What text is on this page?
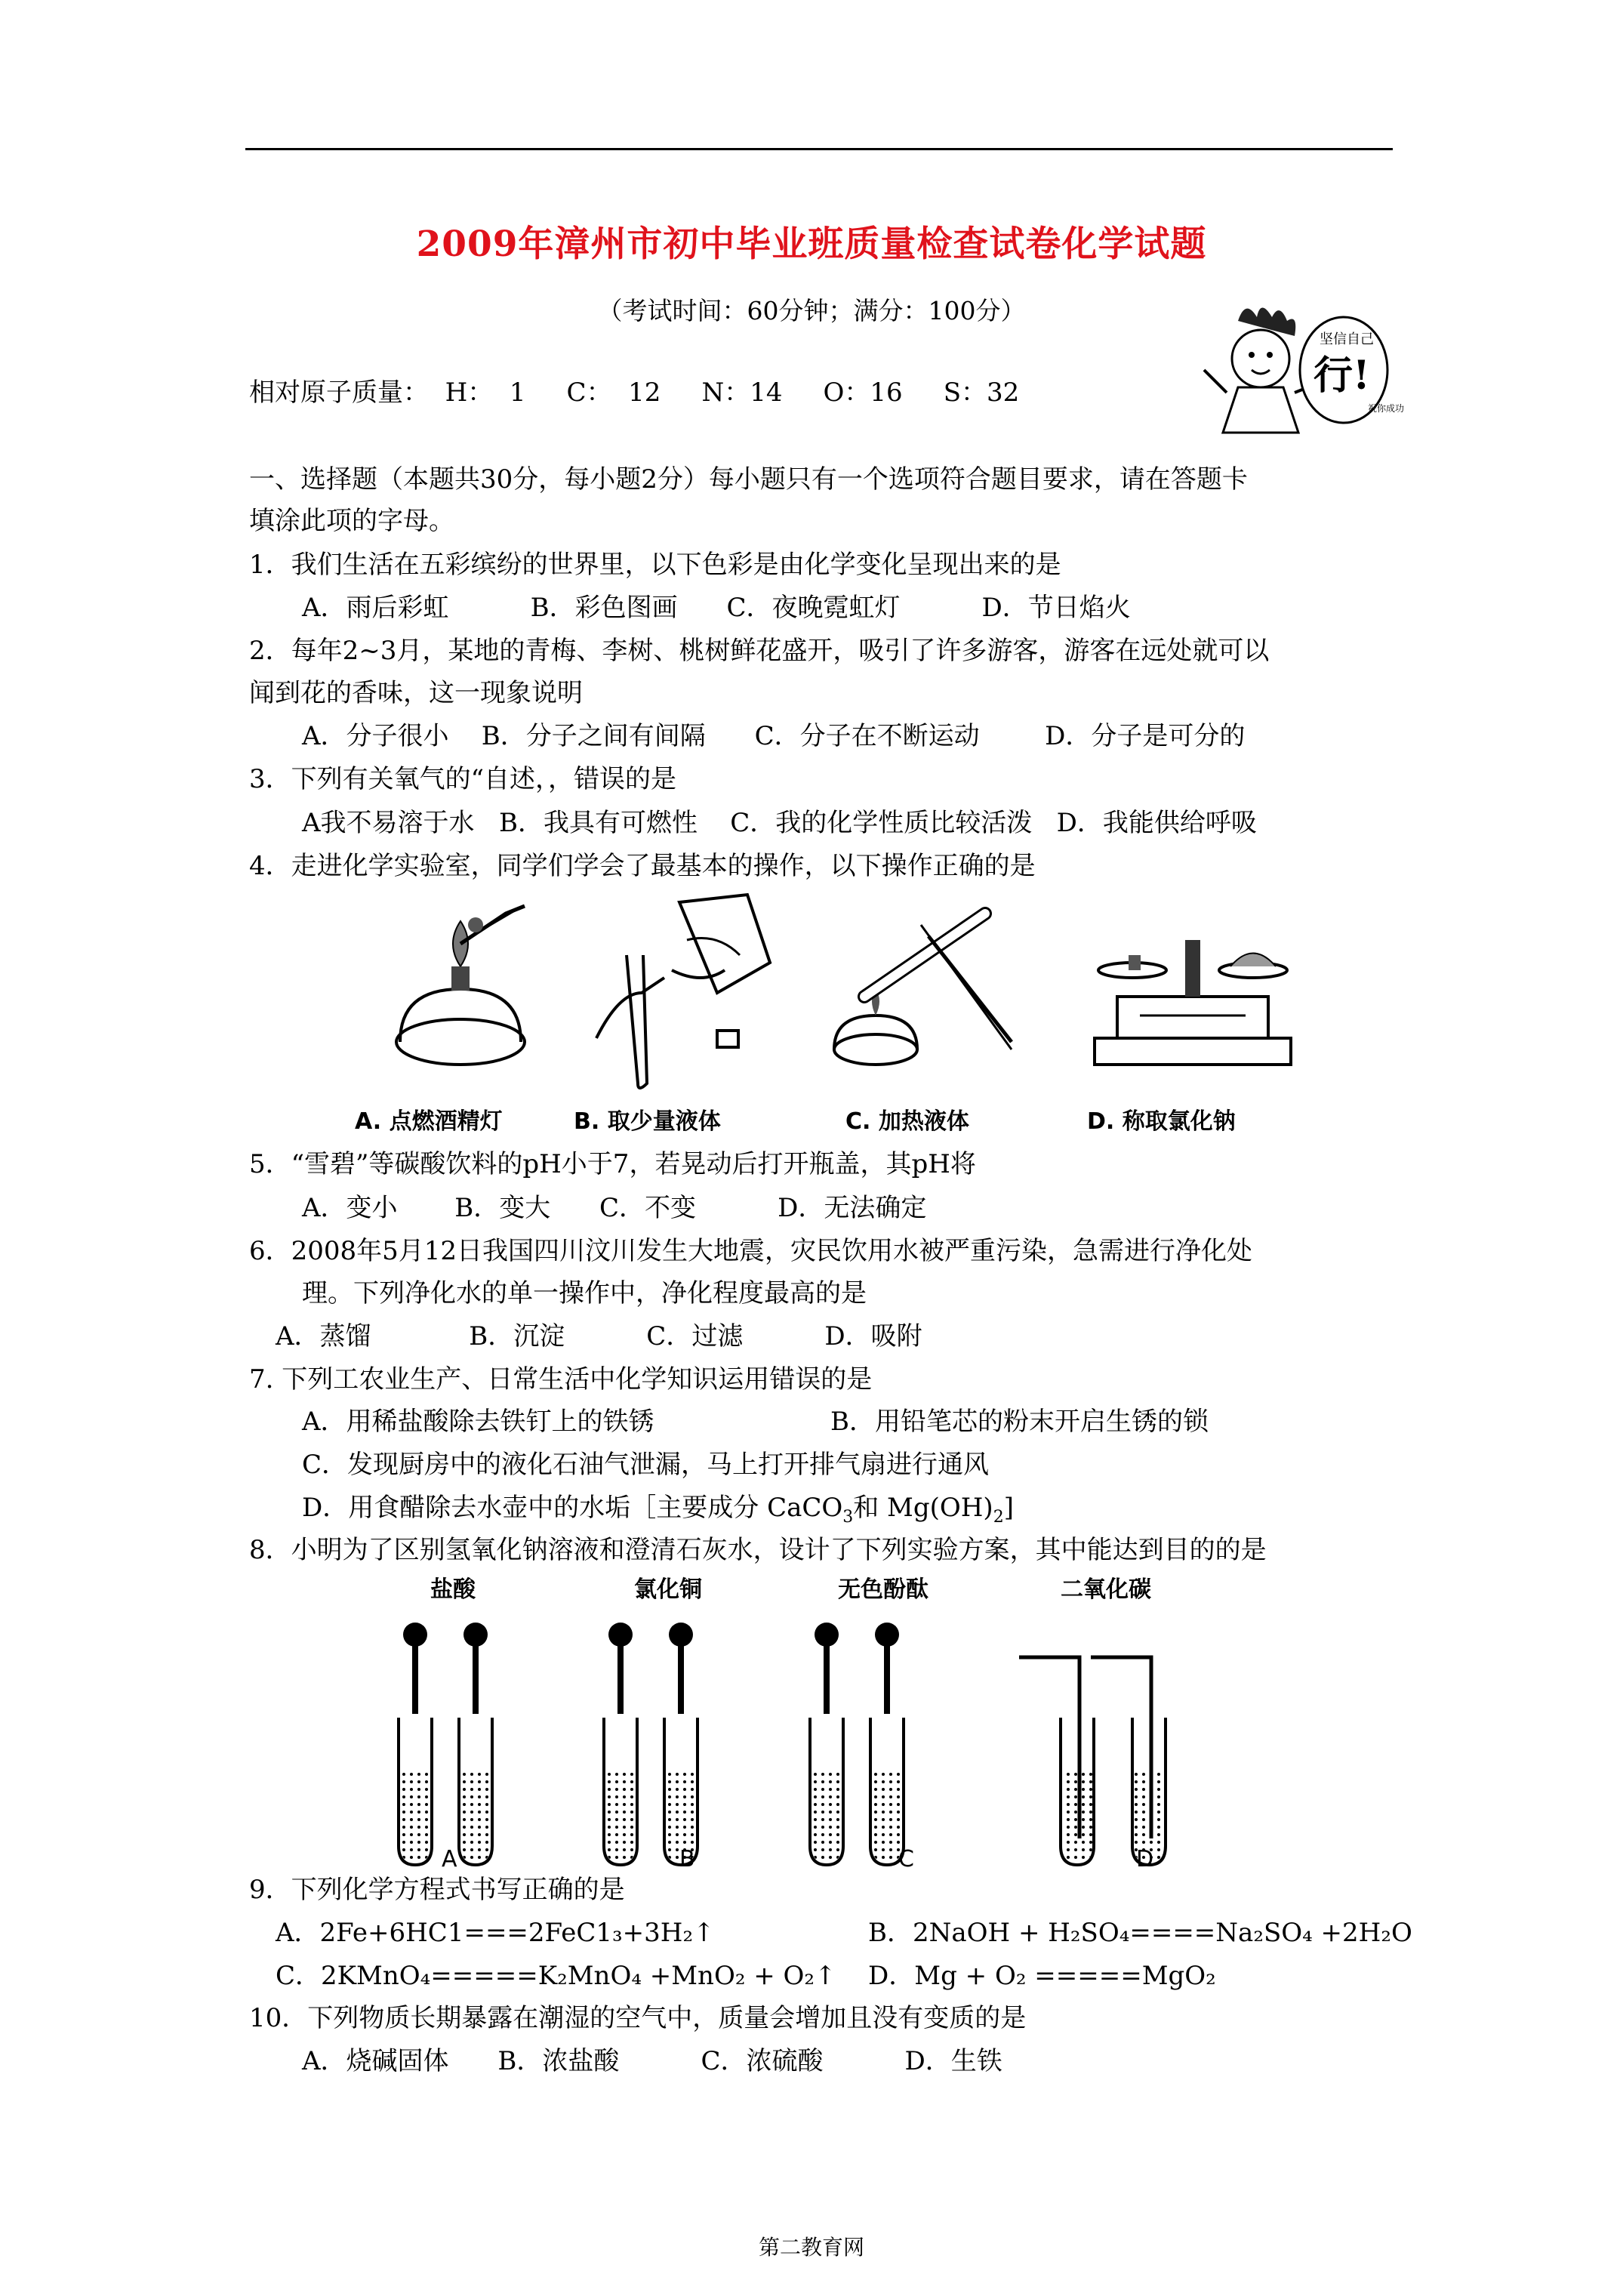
2009年漳州市初中毕业班质量检查试卷化学试题
（考试时间：60分钟；满分：100分）
相对原子质量：  H：  1     C：  12     N：14     O：16     S：32
坚信自己
行!
祝你成功
一、选择题（本题共30分，每小题2分）每小题只有一个选项符合题目要求，请在答题卡
填涂此项的字母。
1．我们生活在五彩缤纷的世界里，以下色彩是由化学变化呈现出来的是
A．雨后彩虹          B．彩色图画      C．夜晚霓虹灯          D．节日焰火
2．每年2~3月，某地的青梅、李树、桃树鲜花盛开，吸引了许多游客，游客在远处就可以
闻到花的香味，这一现象说明
A．分子很小    B．分子之间有间隔      C．分子在不断运动        D．分子是可分的
3．下列有关氧气的“自述，，错误的是
A我不易溶于水   B．我具有可燃性    C．我的化学性质比较活泼   D．我能供给呼吸
4．走进化学实验室，同学们学会了最基本的操作，以下操作正确的是
A. 点燃酒精灯	B. 取少量液体	C. 加热液体	D. 称取氯化钠
5．“雪碧”等碳酸饮料的pH小于7，若晃动后打开瓶盖，其pH将
A．变小       B．变大      C．不变          D．无法确定
6．2008年5月12日我国四川汶川发生大地震，灾民饮用水被严重污染，急需进行净化处
理。下列净化水的单一操作中，净化程度最高的是
A．蒸馏            B．沉淀          C．过滤          D．吸附
7. 下列工农业生产、日常生活中化学知识运用错误的是
A．用稀盐酸除去铁钉上的铁锈	B．用铅笔芯的粉末开启生锈的锁
C．发现厨房中的液化石油气泄漏，马上打开排气扇进行通风
D．用食醋除去水壶中的水垢［主要成分 CaCO$_3$和 $Mg(OH)_2$]
8．小明为了区别氢氧化钠溶液和澄清石灰水，设计了下列实验方案，其中能达到目的的是
盐酸	氯化铜	无色酚酞	二氧化碳
A	B	C	D
9．下列化学方程式书写正确的是
A．2Fe+6HC1===2FeC1₃+3H₂↑	B．2NaOH + H₂SO₄====Na₂SO₄ +2H₂O
C．2KMnO₄=====K₂MnO₄ +MnO₂ + O₂↑ D．Mg + O₂ =====MgO₂
10．下列物质长期暴露在潮湿的空气中，质量会增加且没有变质的是
A．烧碱固体      B．浓盐酸          C．浓硫酸          D．生铁
第二教育网
